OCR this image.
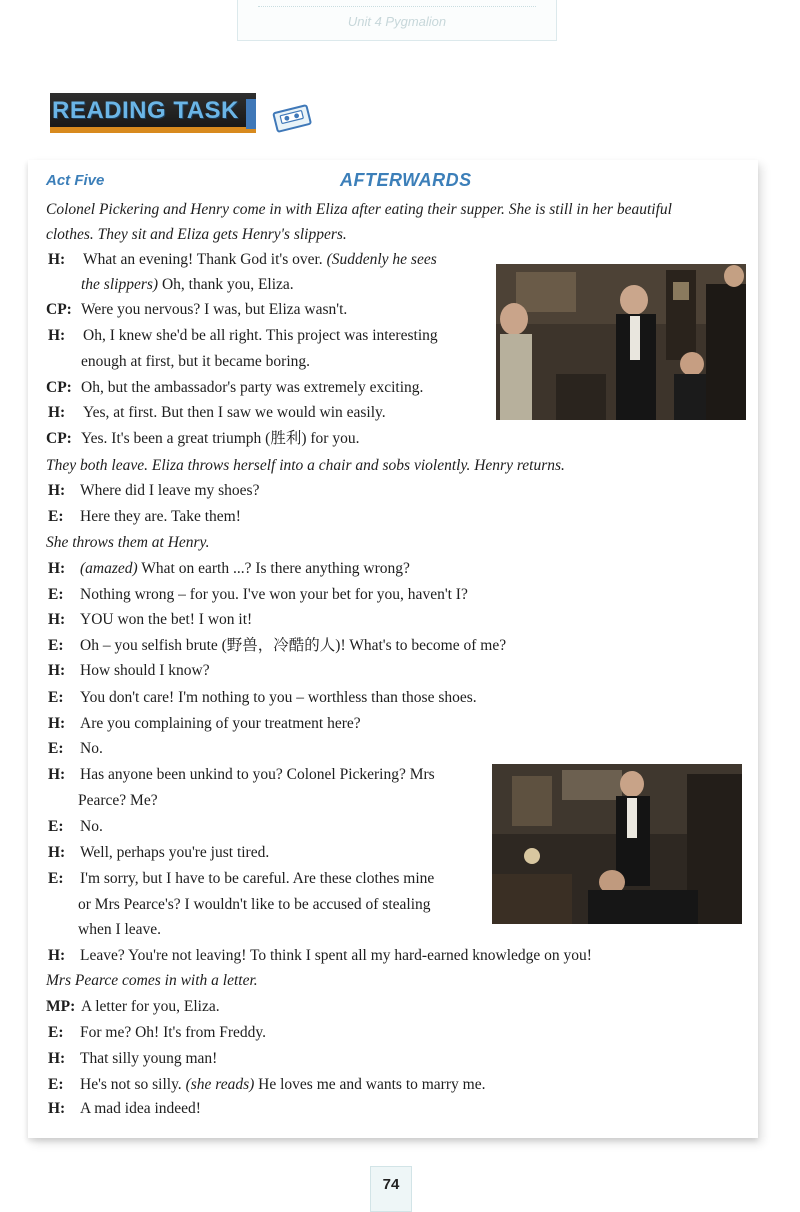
Unit 4 Pygmalion
READING TASK
Act Five	AFTERWARDS
Colonel Pickering and Henry come in with Eliza after eating their supper. She is still in her beautiful
clothes. They sit and Eliza gets Henry's slippers.
H: What an evening! Thank God it's over. (Suddenly he sees
the slippers) Oh, thank you, Eliza.
CP: Were you nervous? I was, but Eliza wasn't.
H: Oh, I knew she'd be all right. This project was interesting
enough at first, but it became boring.
CP: Oh, but the ambassador's party was extremely exciting.
H: Yes, at first. But then I saw we would win easily.
CP: Yes. It's been a great triumph (胜利) for you.
They both leave. Eliza throws herself into a chair and sobs violently. Henry returns.
H: Where did I leave my shoes?
E: Here they are. Take them!
She throws them at Henry.
H: (amazed) What on earth ...? Is there anything wrong?
E: Nothing wrong – for you. I've won your bet for you, haven't I?
H: YOU won the bet! I won it!
E: Oh – you selfish brute (野兽，冷酷的人)! What's to become of me?
H: How should I know?
E: You don't care! I'm nothing to you – worthless than those shoes.
H: Are you complaining of your treatment here?
E: No.
H: Has anyone been unkind to you? Colonel Pickering? Mrs
Pearce? Me?
E: No.
H: Well, perhaps you're just tired.
E: I'm sorry, but I have to be careful. Are these clothes mine
or Mrs Pearce's? I wouldn't like to be accused of stealing
when I leave.
H: Leave? You're not leaving! To think I spent all my hard-earned knowledge on you!
Mrs Pearce comes in with a letter.
MP: A letter for you, Eliza.
E: For me? Oh! It's from Freddy.
H: That silly young man!
E: He's not so silly. (she reads) He loves me and wants to marry me.
H: A mad idea indeed!
74
